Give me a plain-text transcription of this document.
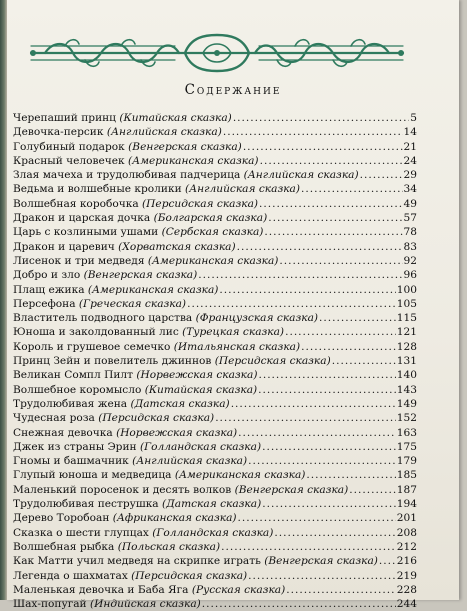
Содержание
Черепаший принц (Китайская сказка) .....	5
Девочка-персик (Английская сказка) .....	14
Голубиный подарок (Венгерская сказка) .....	21
Красный человечек (Американская сказка) .....	24
Злая мачеха и трудолюбивая падчерица (Английская сказка) .....	29
Ведьма и волшебные кролики (Английская сказка) .....	34
Волшебная коробочка (Персидская сказка) .....	49
Дракон и царская дочка (Болгарская сказка) .....	57
Царь с козлиными ушами (Сербская сказка) .....	78
Дракон и царевич (Хорватская сказка) .....	83
Лисенок и три медведя (Американская сказка) .....	92
Добро и зло (Венгерская сказка) .....	96
Плащ ежика (Американская сказка) .....	100
Персефона (Греческая сказка) .....	105
Властитель подводного царства (Французская сказка) .....	115
Юноша и заколдованный лис (Турецкая сказка) .....	121
Король и грушевое семечко (Итальянская сказка) .....	128
Принц Зейн и повелитель джиннов (Персидская сказка) .....	131
Великан Сомпл Пилт (Норвежская сказка) .....	140
Волшебное коромысло (Китайская сказка) .....	143
Трудолюбивая жена (Датская сказка) .....	149
Чудесная роза (Персидская сказка) .....	152
Снежная девочка (Норвежская сказка) .....	163
Джек из страны Эрин (Голландская сказка) .....	175
Гномы и башмачник (Английская сказка) .....	179
Глупый юноша и медведица (Американская сказка) .....	185
Маленький поросенок и десять волков (Венгерская сказка) .....	187
Трудолюбивая пеструшка (Датская сказка) .....	194
Дерево Торобоан (Африканская сказка) .....	201
Сказка о шести глупцах (Голландская сказка) .....	208
Волшебная рыбка (Польская сказка) .....	212
Как Матти учил медведя на скрипке играть (Венгерская сказка) ..... 216
Легенда о шахматах (Персидская сказка) .....	219
Маленькая девочка и Баба Яга (Русская сказка) .....	228
Шах-попугай (Индийская сказка) .....	244
